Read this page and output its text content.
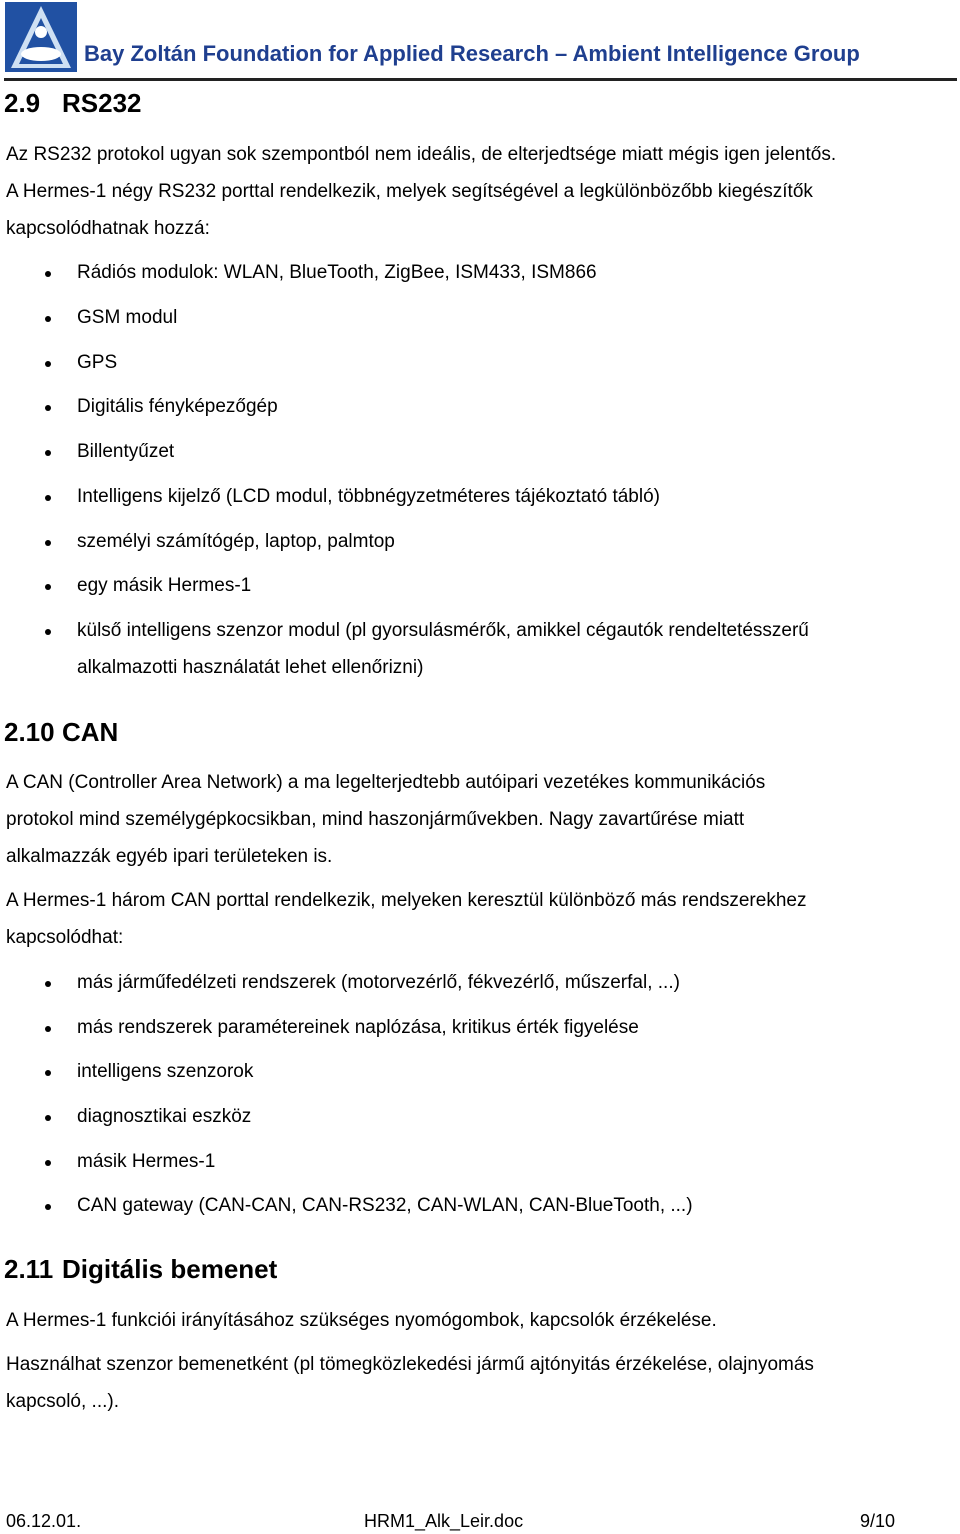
Bay Zoltán Foundation for Applied Research – Ambient Intelligence Group
2.9 RS232
Az RS232 protokol ugyan sok szempontból nem ideális, de elterjedtsége miatt mégis igen jelentős.
A Hermes-1 négy RS232 porttal rendelkezik, melyek segítségével a legkülönbözőbb kiegészítők
kapcsolódhatnak hozzá:
Rádiós modulok: WLAN, BlueTooth, ZigBee, ISM433, ISM866
GSM modul
GPS
Digitális fényképezőgép
Billentyűzet
Intelligens kijelző (LCD modul, többnégyzetméteres tájékoztató tábló)
személyi számítógép, laptop, palmtop
egy másik Hermes-1
külső intelligens szenzor modul (pl gyorsulásmérők, amikkel cégautók rendeltetésszerű
alkalmazotti használatát lehet ellenőrizni)
2.10 CAN
A CAN (Controller Area Network) a ma legelterjedtebb autóipari vezetékes kommunikációs
protokol mind személygépkocsikban, mind haszonjárművekben. Nagy zavartűrése miatt
alkalmazzák egyéb ipari területeken is.
A Hermes-1 három CAN porttal rendelkezik, melyeken keresztül különböző más rendszerekhez
kapcsolódhat:
más járműfedélzeti rendszerek (motorvezérlő, fékvezérlő, műszerfal, ...)
más rendszerek paramétereinek naplózása, kritikus érték figyelése
intelligens szenzorok
diagnosztikai eszköz
másik Hermes-1
CAN gateway (CAN-CAN, CAN-RS232, CAN-WLAN, CAN-BlueTooth, ...)
2.11 Digitális bemenet
A Hermes-1 funkciói irányításához szükséges nyomógombok, kapcsolók érzékelése.
Használhat szenzor bemenetként (pl tömegközlekedési jármű ajtónyitás érzékelése, olajnyomás
kapcsoló, ...).
06.12.01.	HRM1_Alk_Leir.doc	9/10
